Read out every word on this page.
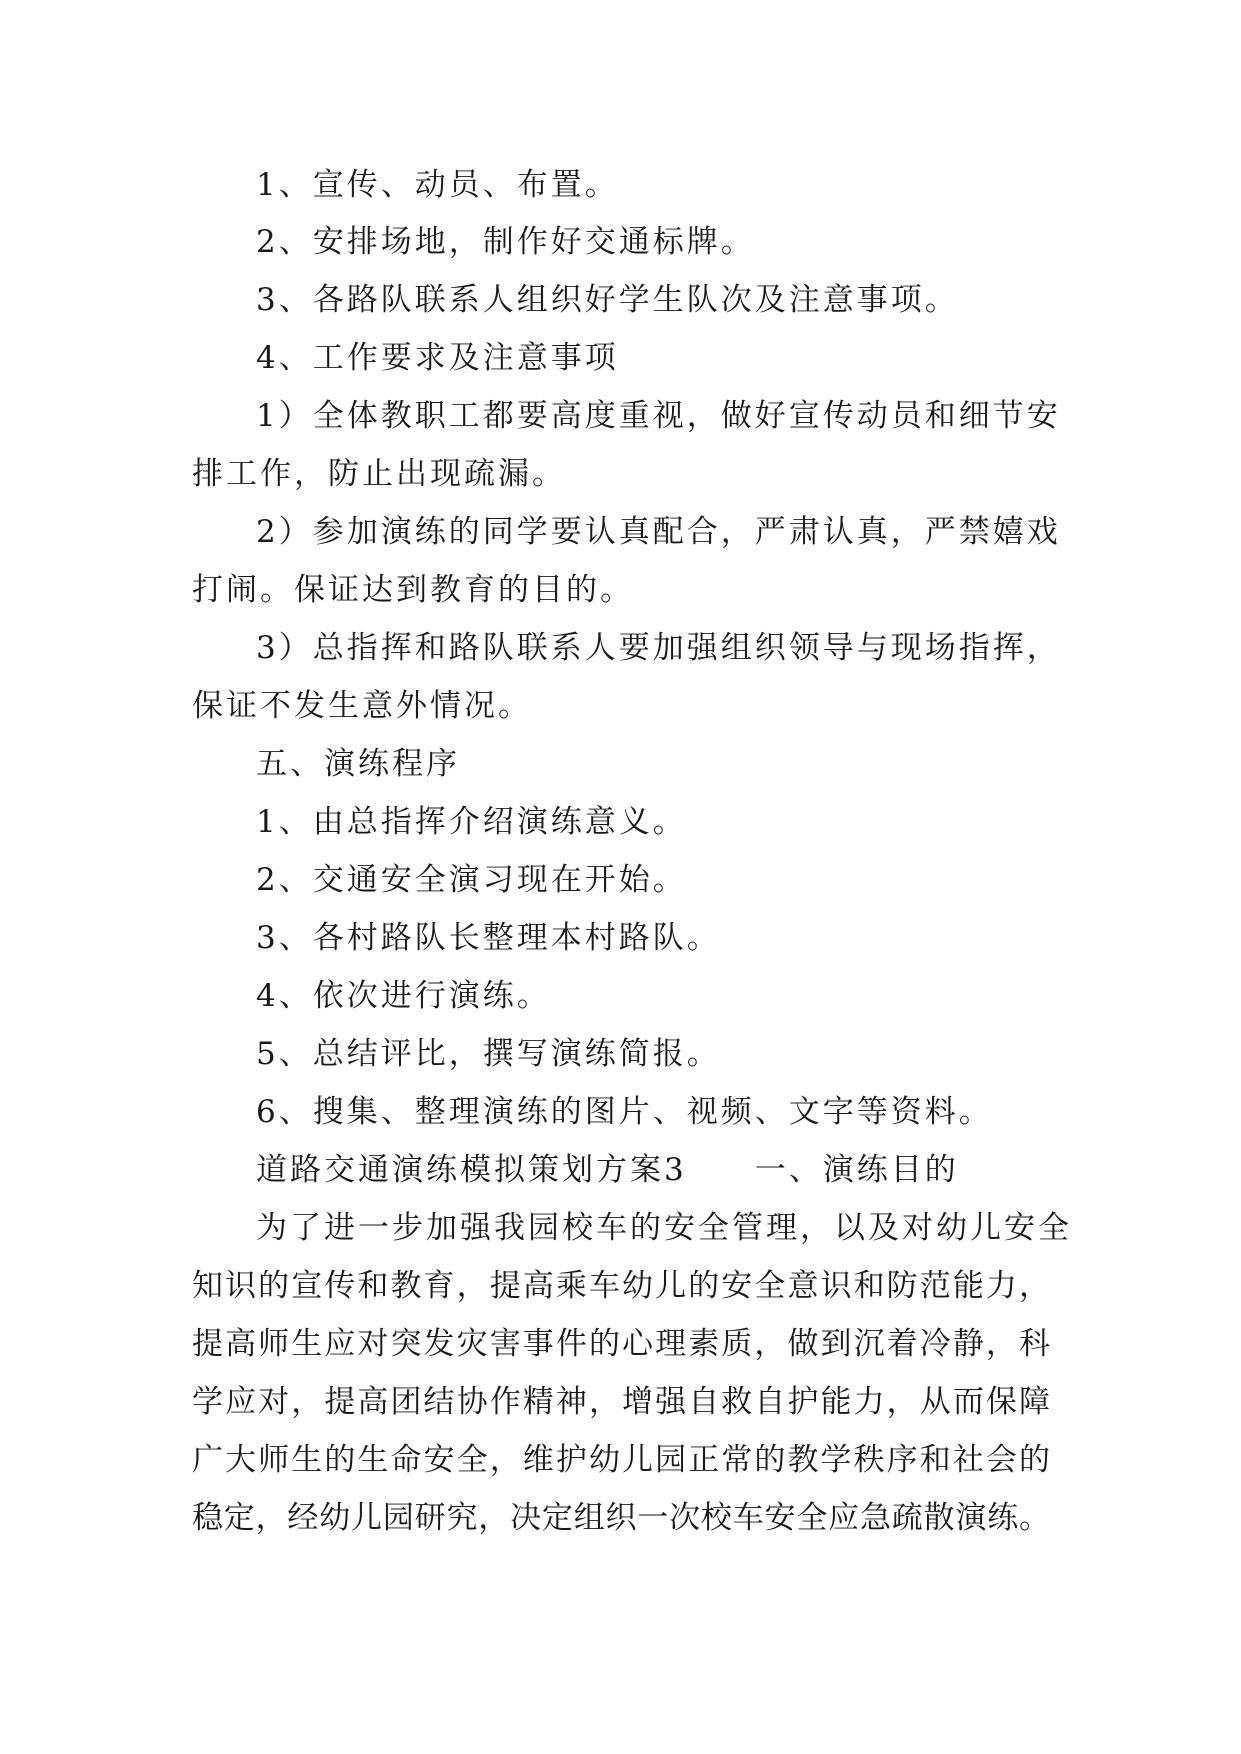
1、宣传、动员、布置。
2、安排场地，制作好交通标牌。
3、各路队联系人组织好学生队次及注意事项。
4、工作要求及注意事项
1）全体教职工都要高度重视，做好宣传动员和细节安
排工作，防止出现疏漏。
2）参加演练的同学要认真配合，严肃认真，严禁嬉戏
打闹。保证达到教育的目的。
3）总指挥和路队联系人要加强组织领导与现场指挥，
保证不发生意外情况。
五、演练程序
1、由总指挥介绍演练意义。
2、交通安全演习现在开始。
3、各村路队长整理本村路队。
4、依次进行演练。
5、总结评比，撰写演练简报。
6、搜集、整理演练的图片、视频、文字等资料。
道路交通演练模拟策划方案3　　一、演练目的
为了进一步加强我园校车的安全管理，以及对幼儿安全
知识的宣传和教育，提高乘车幼儿的安全意识和防范能力，
提高师生应对突发灾害事件的心理素质，做到沉着冷静，科
学应对，提高团结协作精神，增强自救自护能力，从而保障
广大师生的生命安全，维护幼儿园正常的教学秩序和社会的
稳定，经幼儿园研究，决定组织一次校车安全应急疏散演练。
